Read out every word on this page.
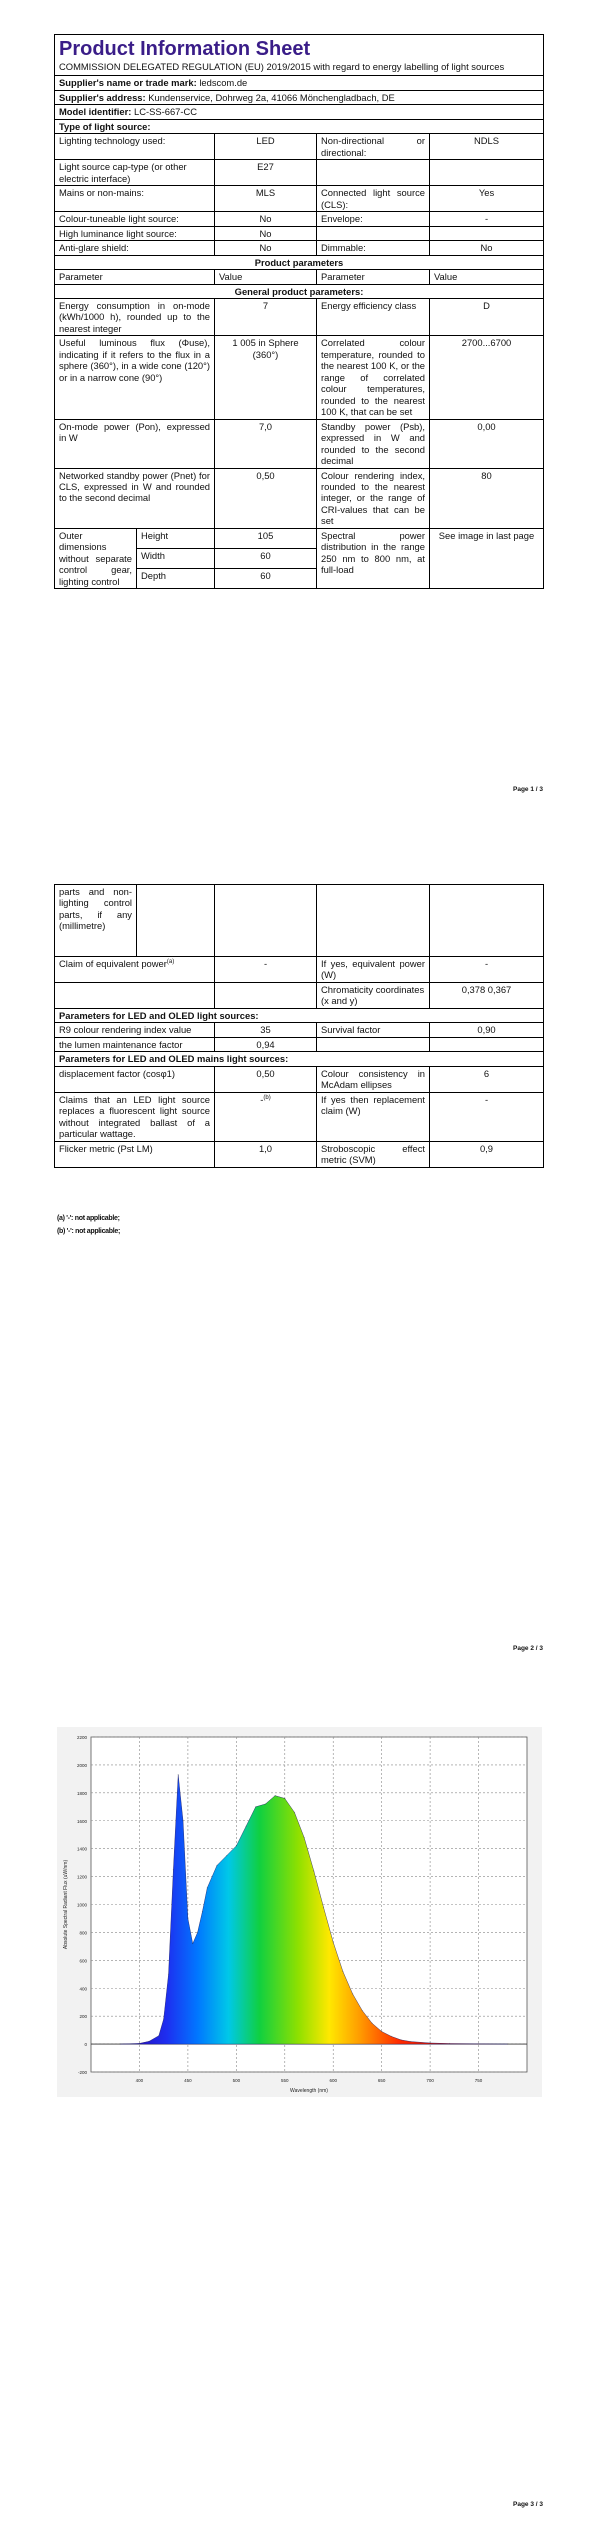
Product Information Sheet
COMMISSION DELEGATED REGULATION (EU) 2019/2015 with regard to energy labelling of light sources				

Supplier's name or trade mark: ledscom.de				
Supplier's address: Kundenservice, Dohrweg 2a, 41066 Mönchengladbach, DE				
Model identifier: LC-SS-667-CC				
Type of light source:				
Lighting technology used:		LED	Non-directional or directional:	NDLS
Light source cap-type (or other electric interface)		E27		
Mains or non-mains:		MLS	Connected light source (CLS):	Yes
Colour-tuneable light source:		No	Envelope:	-
High luminance light source:		No		
Anti-glare shield:		No	Dimmable:	No
Product parameters				
Parameter		Value	Parameter	Value
General product parameters:				
Energy consumption in on-mode (kWh/1000 h), rounded up to the nearest integer		7	Energy efficiency class	D
Useful luminous flux (Φuse), indicating if it refers to the flux in a sphere (360°), in a wide cone (120°) or in a narrow cone (90°)		1 005 in Sphere (360°)	Correlated colour temperature, rounded to the nearest 100 K, or the range of correlated colour temperatures, rounded to the nearest 100 K, that can be set	2700...6700
On-mode power (Pon), expressed in W		7,0	Standby power (Psb), expressed in W and rounded to the second decimal	0,00
Networked standby power (Pnet) for CLS, expressed in W and rounded to the second decimal		0,50	Colour rendering index, rounded to the nearest integer, or the range of CRI-values that can be set	80
Outer dimensions without separate control gear, lighting control	Height	105	Spectral power distribution in the range 250 nm to 800 nm, at full-load	See image in last page
	Width	60		
	Depth	60		
Page 1 / 3
parts and non-lighting control parts, if any (millimetre)				
Claim of equivalent power$^{(a)}$		-	If yes, equivalent power (W)	-
			Chromaticity coordinates (x and y)	0,378 0,367
Parameters for LED and OLED light sources:				
R9 colour rendering index value		35	Survival factor	0,90
the lumen maintenance factor		0,94		
Parameters for LED and OLED mains light sources:				
displacement factor (cosφ1)		0,50	Colour consistency in McAdam ellipses	6
Claims that an LED light source replaces a fluorescent light source without integrated ballast of a particular wattage.		-$^{(b)}$	If yes then replacement claim (W)	-
Flicker metric (Pst LM)		1,0	Stroboscopic effect metric (SVM)	0,9
(a) '-': not applicable;
(b) '-': not applicable;
Page 2 / 3
-200
0
200
400
600
800
1000
1200
1400
1600
1800
2000
2200
400	450	500	550	600	650	700	750
Wavelength (nm)
Absolute Spectral Radiant Flux (uW/nm)
Page 3 / 3
